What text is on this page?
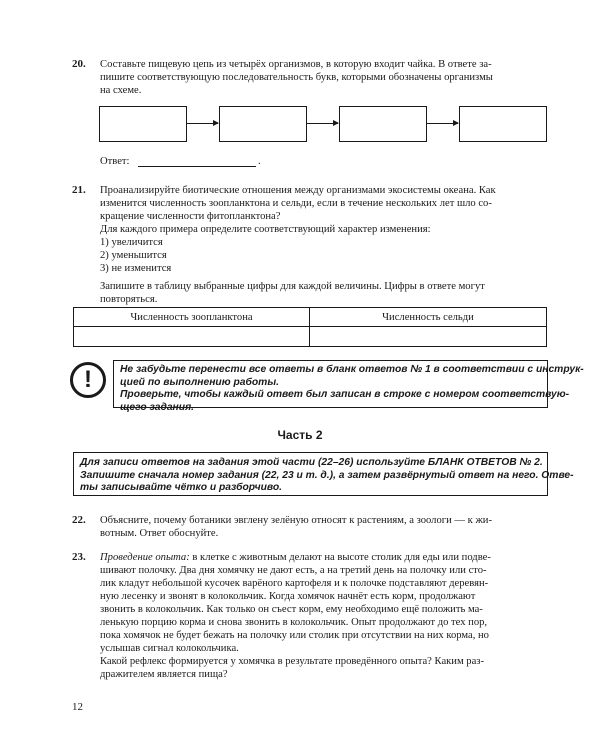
20. Составьте пищевую цепь из четырёх организмов, в которую входит чайка. В ответе за-
пишите соответствующую последовательность букв, которыми обозначены организмы
на схеме.
Ответ:	.
21. Проанализируйте биотические отношения между организмами экосистемы океана. Как
изменится численность зоопланктона и сельди, если в течение нескольких лет шло со-
кращение численности фитопланктона?
Для каждого примера определите соответствующий характер изменения:
1) увеличится
2) уменьшится
3) не изменится
Запишите в таблицу выбранные цифры для каждой величины. Цифры в ответе могут
повторяться.
Численность зоопланктона	Численность сельди
!	Не забудьте перенести все ответы в бланк ответов № 1 в соответствии с инструк-
цией по выполнению работы.
Проверьте, чтобы каждый ответ был записан в строке с номером соответствую-
щего задания.
Часть 2
Для записи ответов на задания этой части (22–26) используйте БЛАНК ОТВЕТОВ № 2.
Запишите сначала номер задания (22, 23 и т. д.), а затем развёрнутый ответ на него. Отве-
ты записывайте чётко и разборчиво.
22. Объясните, почему ботаники эвглену зелёную относят к растениям, а зоологи — к жи-
вотным. Ответ обоснуйте.
23. Проведение опыта: в клетке с животным делают на высоте столик для еды или подве-
шивают полочку. Два дня хомячку не дают есть, а на третий день на полочку или сто-
лик кладут небольшой кусочек варёного картофеля и к полочке подставляют деревян-
ную лесенку и звонят в колокольчик. Когда хомячок начнёт есть корм, продолжают
звонить в колокольчик. Как только он съест корм, ему необходимо ещё положить ма-
ленькую порцию корма и снова звонить в колокольчик. Опыт продолжают до тех пор,
пока хомячок не будет бежать на полочку или столик при отсутствии на них корма, но
услышав сигнал колокольчика.
Какой рефлекс формируется у хомячка в результате проведённого опыта? Каким раз-
дражителем является пища?
12
